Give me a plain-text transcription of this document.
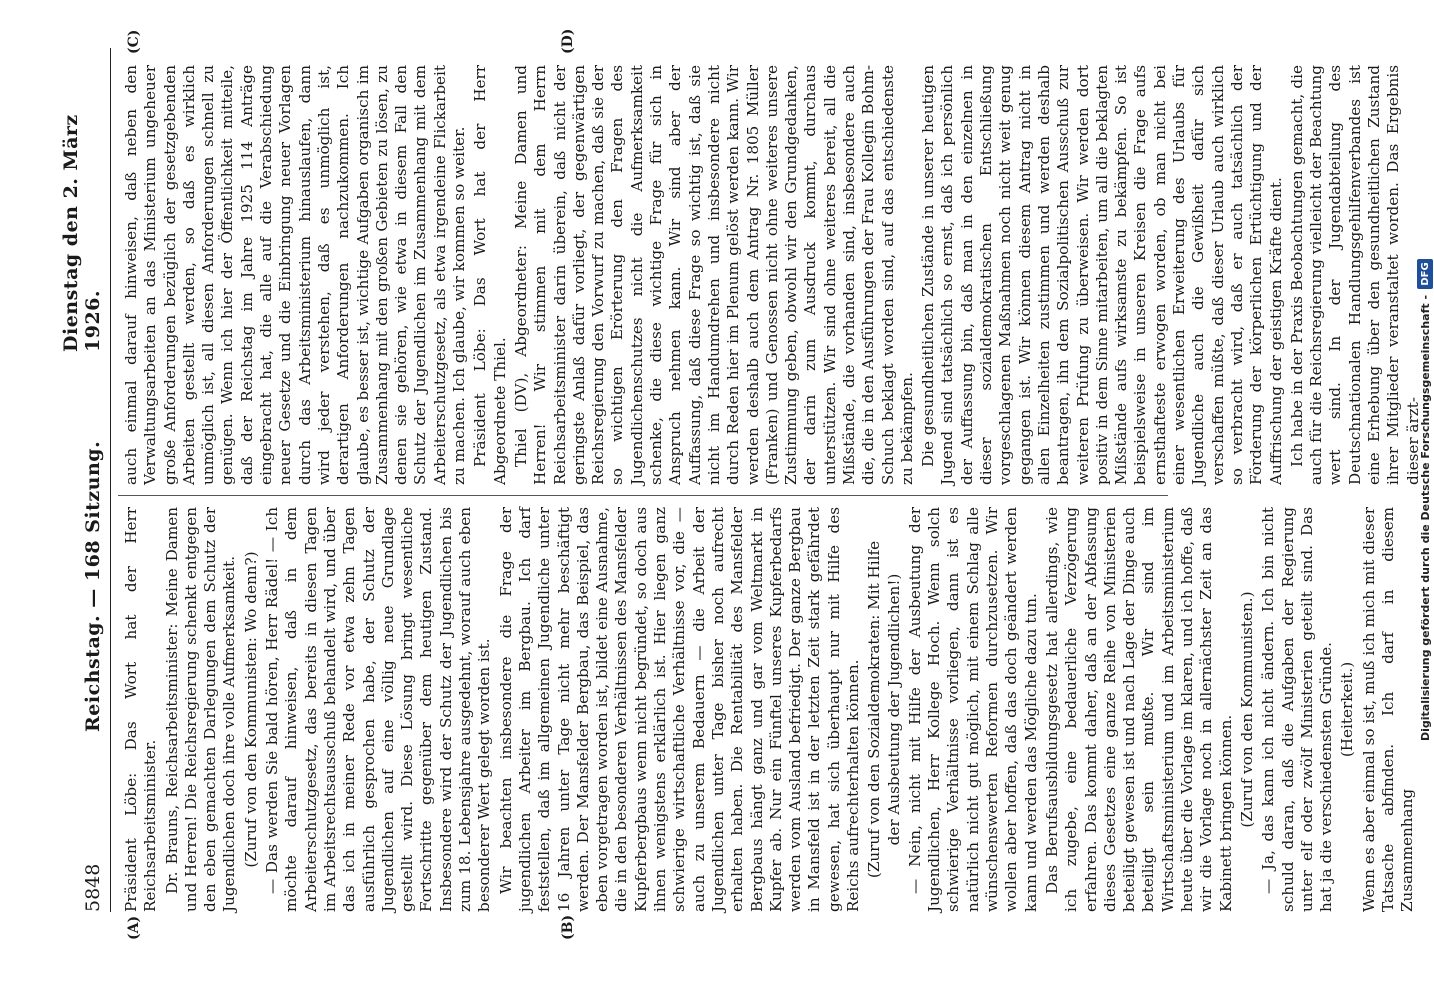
5848
Reichstag. — 168 Sitzung.
Dienstag den 2. März 1926.
(A)	(B)
(C)	(D)

Präsident Löbe: Das Wort hat der Herr Reichsarbeitsminister. Dr. Brauns, Reichsarbeitsminister: Meine Damen und Herren! Die Reichsregierung schenkt entgegen den eben gemachten Darlegungen dem Schutz der Jugendlichen doch ihre volle Aufmerksamkeit. (Zuruf von den Kommunisten: Wo denn?) — Das werden Sie bald hören, Herr Rädel! — Ich möchte darauf hinweisen, daß in dem Arbeiterschutzgesetz, das bereits in diesen Tagen im Arbeitsrechtsausschuß behandelt wird, und über das ich in meiner Rede vor etwa zehn Tagen ausführlich gesprochen habe, der Schutz der Jugendlichen auf eine völlig neue Grundlage gestellt wird. Diese Lösung bringt wesentliche Fortschritte gegenüber dem heutigen Zustand. Insbesondere wird der Schutz der Jugendlichen bis zum 18. Lebensjahre ausgedehnt, worauf auch eben besonderer Wert gelegt worden ist. Wir beachten insbesondere die Frage der jugendlichen Arbeiter im Bergbau. Ich darf feststellen, daß im allgemeinen Jugendliche unter 16 Jahren unter Tage nicht mehr beschäftigt werden. Der Mansfelder Bergbau, das Beispiel, das eben vorgetragen worden ist, bildet eine Ausnahme, die in den besonderen Verhältnissen des Mansfelder Kupferbergbaus wenn nicht begründet, so doch aus ihnen wenigstens erklärlich ist. Hier liegen ganz schwierige wirtschaftliche Verhältnisse vor, die — auch zu unserem Bedauern — die Arbeit der Jugendlichen unter Tage bisher noch aufrecht erhalten haben. Die Rentabilität des Mansfelder Bergbaus hängt ganz und gar vom Weltmarkt in Kupfer ab. Nur ein Fünftel unseres Kupferbedarfs werden vom Ausland befriedigt. Der ganze Bergbau in Mansfeld ist in der letzten Zeit stark gefährdet gewesen, hat sich überhaupt nur mit Hilfe des Reichs aufrechterhalten können. (Zuruf von den Sozialdemokraten: Mit Hilfe der Ausbeutung der Jugendlichen!) — Nein, nicht mit Hilfe der Ausbeutung der Jugendlichen, Herr Kollege Hoch. Wenn solch schwierige Verhältnisse vorliegen, dann ist es natürlich nicht gut möglich, mit einem Schlag alle wünschenswerten Reformen durchzusetzen. Wir wollen aber hoffen, daß das doch geändert werden kann und werden das Mögliche dazu tun. Das Berufsausbildungsgesetz hat allerdings, wie ich zugebe, eine bedauerliche Verzögerung erfahren. Das kommt daher, daß an der Abfassung dieses Gesetzes eine ganze Reihe von Ministerien beteiligt gewesen ist und nach Lage der Dinge auch beteiligt sein mußte. Wir sind im Wirtschaftsministerium und im Arbeitsministerium heute über die Vorlage im klaren, und ich hoffe, daß wir die Vorlage noch in allernächster Zeit an das Kabinett bringen können. (Zuruf von den Kommunisten.) — Ja, das kann ich nicht ändern. Ich bin nicht schuld daran, daß die Aufgaben der Regierung unter elf oder zwölf Ministerien geteilt sind. Das hat ja die verschiedensten Gründe. (Heiterkeit.) Wenn es aber einmal so ist, muß ich mich mit dieser Tatsache abfinden. Ich darf in diesem Zusammenhang

auch einmal darauf hinweisen, daß neben den Verwaltungsarbeiten an das Ministerium ungeheuer große Anforderungen bezüglich der gesetzgebenden Arbeiten gestellt werden, so daß es wirklich unmöglich ist, all diesen Anforderungen schnell zu genügen. Wenn ich hier der Öffentlichkeit mitteile, daß der Reichstag im Jahre 1925 114 Anträge eingebracht hat, die alle auf die Verabschiedung neuer Gesetze und die Einbringung neuer Vorlagen durch das Arbeitsministerium hinauslaufen, dann wird jeder verstehen, daß es unmöglich ist, derartigen Anforderungen nachzukommen. Ich glaube, es besser ist, wichtige Aufgaben organisch im Zusammenhang mit den großen Gebieten zu lösen, zu denen sie gehören, wie etwa in diesem Fall den Schutz der Jugendlichen im Zusammenhang mit dem Arbeiterschutzgesetz, als etwa irgendeine Flickarbeit zu machen. Ich glaube, wir kommen so weiter. Präsident Löbe: Das Wort hat der Herr Abgeordnete Thiel. Thiel (DV), Abgeordneter: Meine Damen und Herren! Wir stimmen mit dem Herrn Reichsarbeitsminister darin überein, daß nicht der geringste Anlaß dafür vorliegt, der gegenwärtigen Reichsregierung den Vorwurf zu machen, daß sie der so wichtigen Erörterung den Fragen des Jugendlichenschutzes nicht die Aufmerksamkeit schenke, die diese wichtige Frage für sich in Anspruch nehmen kann. Wir sind aber der Auffassung, daß diese Frage so wichtig ist, daß sie nicht im Handumdrehen und insbesondere nicht durch Reden hier im Plenum gelöst werden kann. Wir werden deshalb auch dem Antrag Nr. 1805 Müller (Franken) und Genossen nicht ohne weiteres unsere Zustimmung geben, obwohl wir den Grundgedanken, der darin zum Ausdruck kommt, durchaus unterstützen. Wir sind ohne weiteres bereit, all die Mißstände, die vorhanden sind, insbesondere auch die, die in den Ausführungen der Frau Kollegin Bohm-Schuch beklagt worden sind, auf das entschiedenste zu bekämpfen. Die gesundheitlichen Zustände in unserer heutigen Jugend sind tatsächlich so ernst, daß ich persönlich der Auffassung bin, daß man in den einzelnen in dieser sozialdemokratischen Entschließung vorgeschlagenen Maßnahmen noch nicht weit genug gegangen ist. Wir können diesem Antrag nicht in allen Einzelheiten zustimmen und werden deshalb beantragen, ihn dem Sozialpolitischen Ausschuß zur weiteren Prüfung zu überweisen. Wir werden dort positiv in dem Sinne mitarbeiten, um all die beklagten Mißstände aufs wirksamste zu bekämpfen. So ist beispielsweise in unseren Kreisen die Frage aufs ernsthafteste erwogen worden, ob man nicht bei einer wesentlichen Erweiterung des Urlaubs für Jugendliche auch die Gewißheit dafür sich verschaffen müßte, daß dieser Urlaub auch wirklich so verbracht wird, daß er auch tatsächlich der Förderung der körperlichen Ertüchtigung und der Auffrischung der geistigen Kräfte dient. Ich habe in der Praxis Beobachtungen gemacht, die auch für die Reichsregierung vielleicht der Beachtung wert sind. In der Jugendabteilung des Deutschnationalen Handlungsgehilfenverbandes ist eine Erhebung über den gesundheitlichen Zustand ihrer Mitglieder veranstaltet worden. Das Ergebnis dieser ärzt-

Digitalisierung gefördert durch die Deutsche Forschungsgemeinschaft -
DFG
